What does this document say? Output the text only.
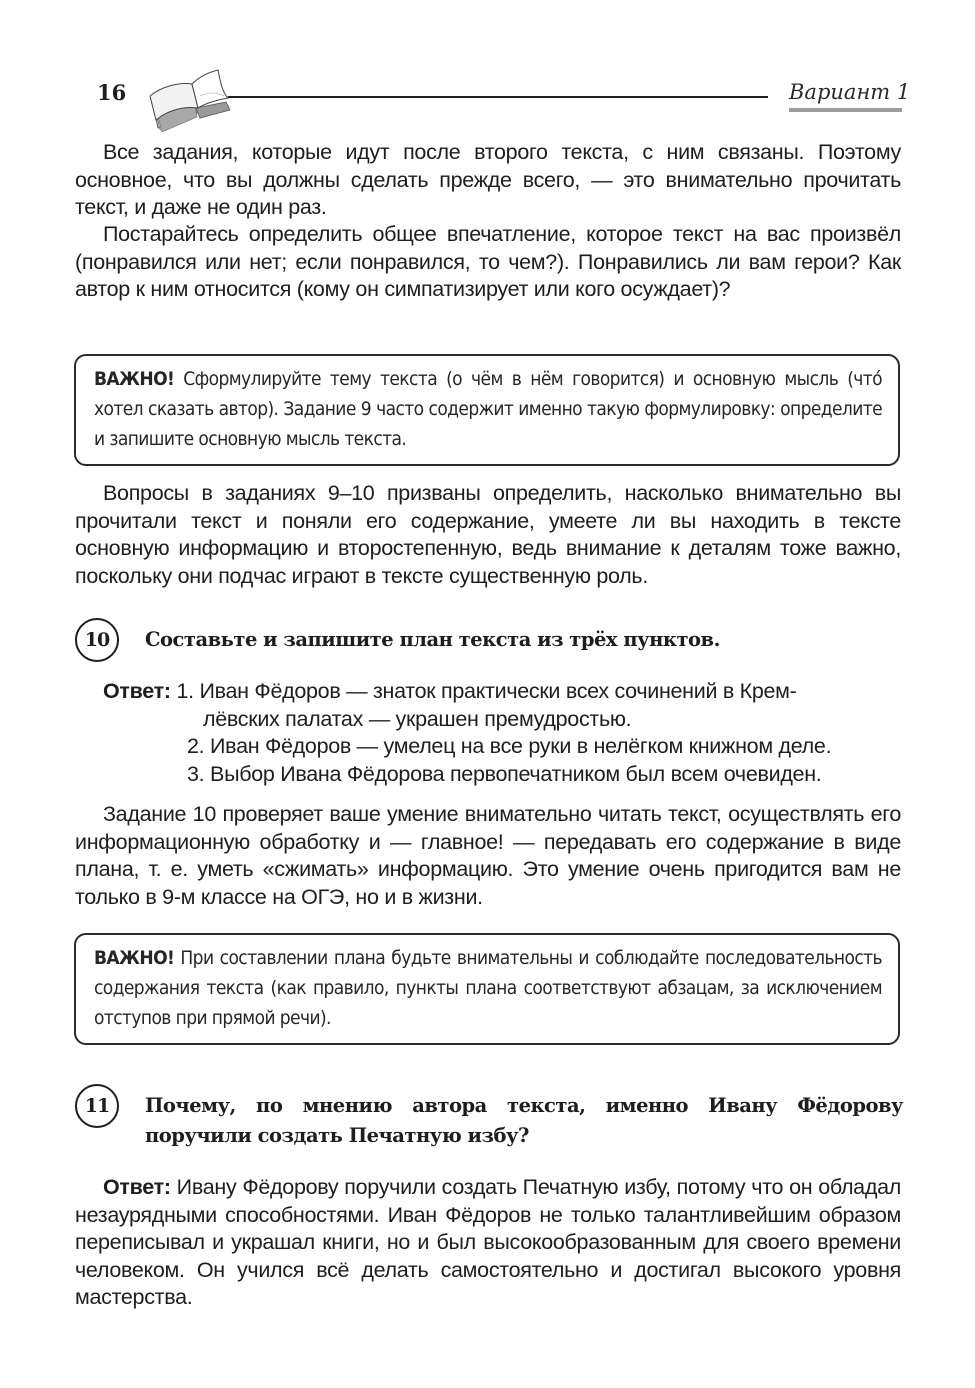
16	Вариант 1

Все задания, которые идут после второго текста, с ним связаны. Поэтому основное, что вы должны сделать прежде всего, — это внимательно прочитать текст, и даже не один раз.

Постарайтесь определить общее впечатление, которое текст на вас произвёл (понравился или нет; если понравился, то чем?). Понравились ли вам герои? Как автор к ним относится (кому он симпатизирует или кого осуждает)?

ВАЖНО! Сформулируйте тему текста (о чём в нём говорится) и основную мысль (что́ хотел сказать автор). Задание 9 часто содержит именно такую формулировку: определите и запишите основную мысль текста.

Вопросы в заданиях 9–10 призваны определить, насколько внимательно вы прочитали текст и поняли его содержание, умеете ли вы находить в тексте основную информацию и второстепенную, ведь внимание к деталям тоже важно, поскольку они подчас играют в тексте существенную роль.

10	Составьте и запишите план текста из трёх пунктов.
Ответ: 1. Иван Фёдоров — знаток практически всех сочинений в Крем-
лёвских палатах — украшен премудростью.
2. Иван Фёдоров — умелец на все руки в нелёгком книжном деле.
3. Выбор Ивана Фёдорова первопечатником был всем очевиден.

Задание 10 проверяет ваше умение внимательно читать текст, осуществлять его информационную обработку и — главное! — передавать его содержание в виде плана, т. е. уметь «сжимать» информацию. Это умение очень пригодится вам не только в 9-м классе на ОГЭ, но и в жизни.

ВАЖНО! При составлении плана будьте внимательны и соблюдайте последовательность содержания текста (как правило, пункты плана соответствуют абзацам, за исключением отступов при прямой речи).
11	Почему, по мнению автора текста, именно Ивану Фёдорову поручили создать Печатную избу?

Ответ: Ивану Фёдорову поручили создать Печатную избу, потому что он обладал незаурядными способностями. Иван Фёдоров не только талантливейшим образом переписывал и украшал книги, но и был высокообразованным для своего времени человеком. Он учился всё делать самостоятельно и достигал высокого уровня мастерства.
